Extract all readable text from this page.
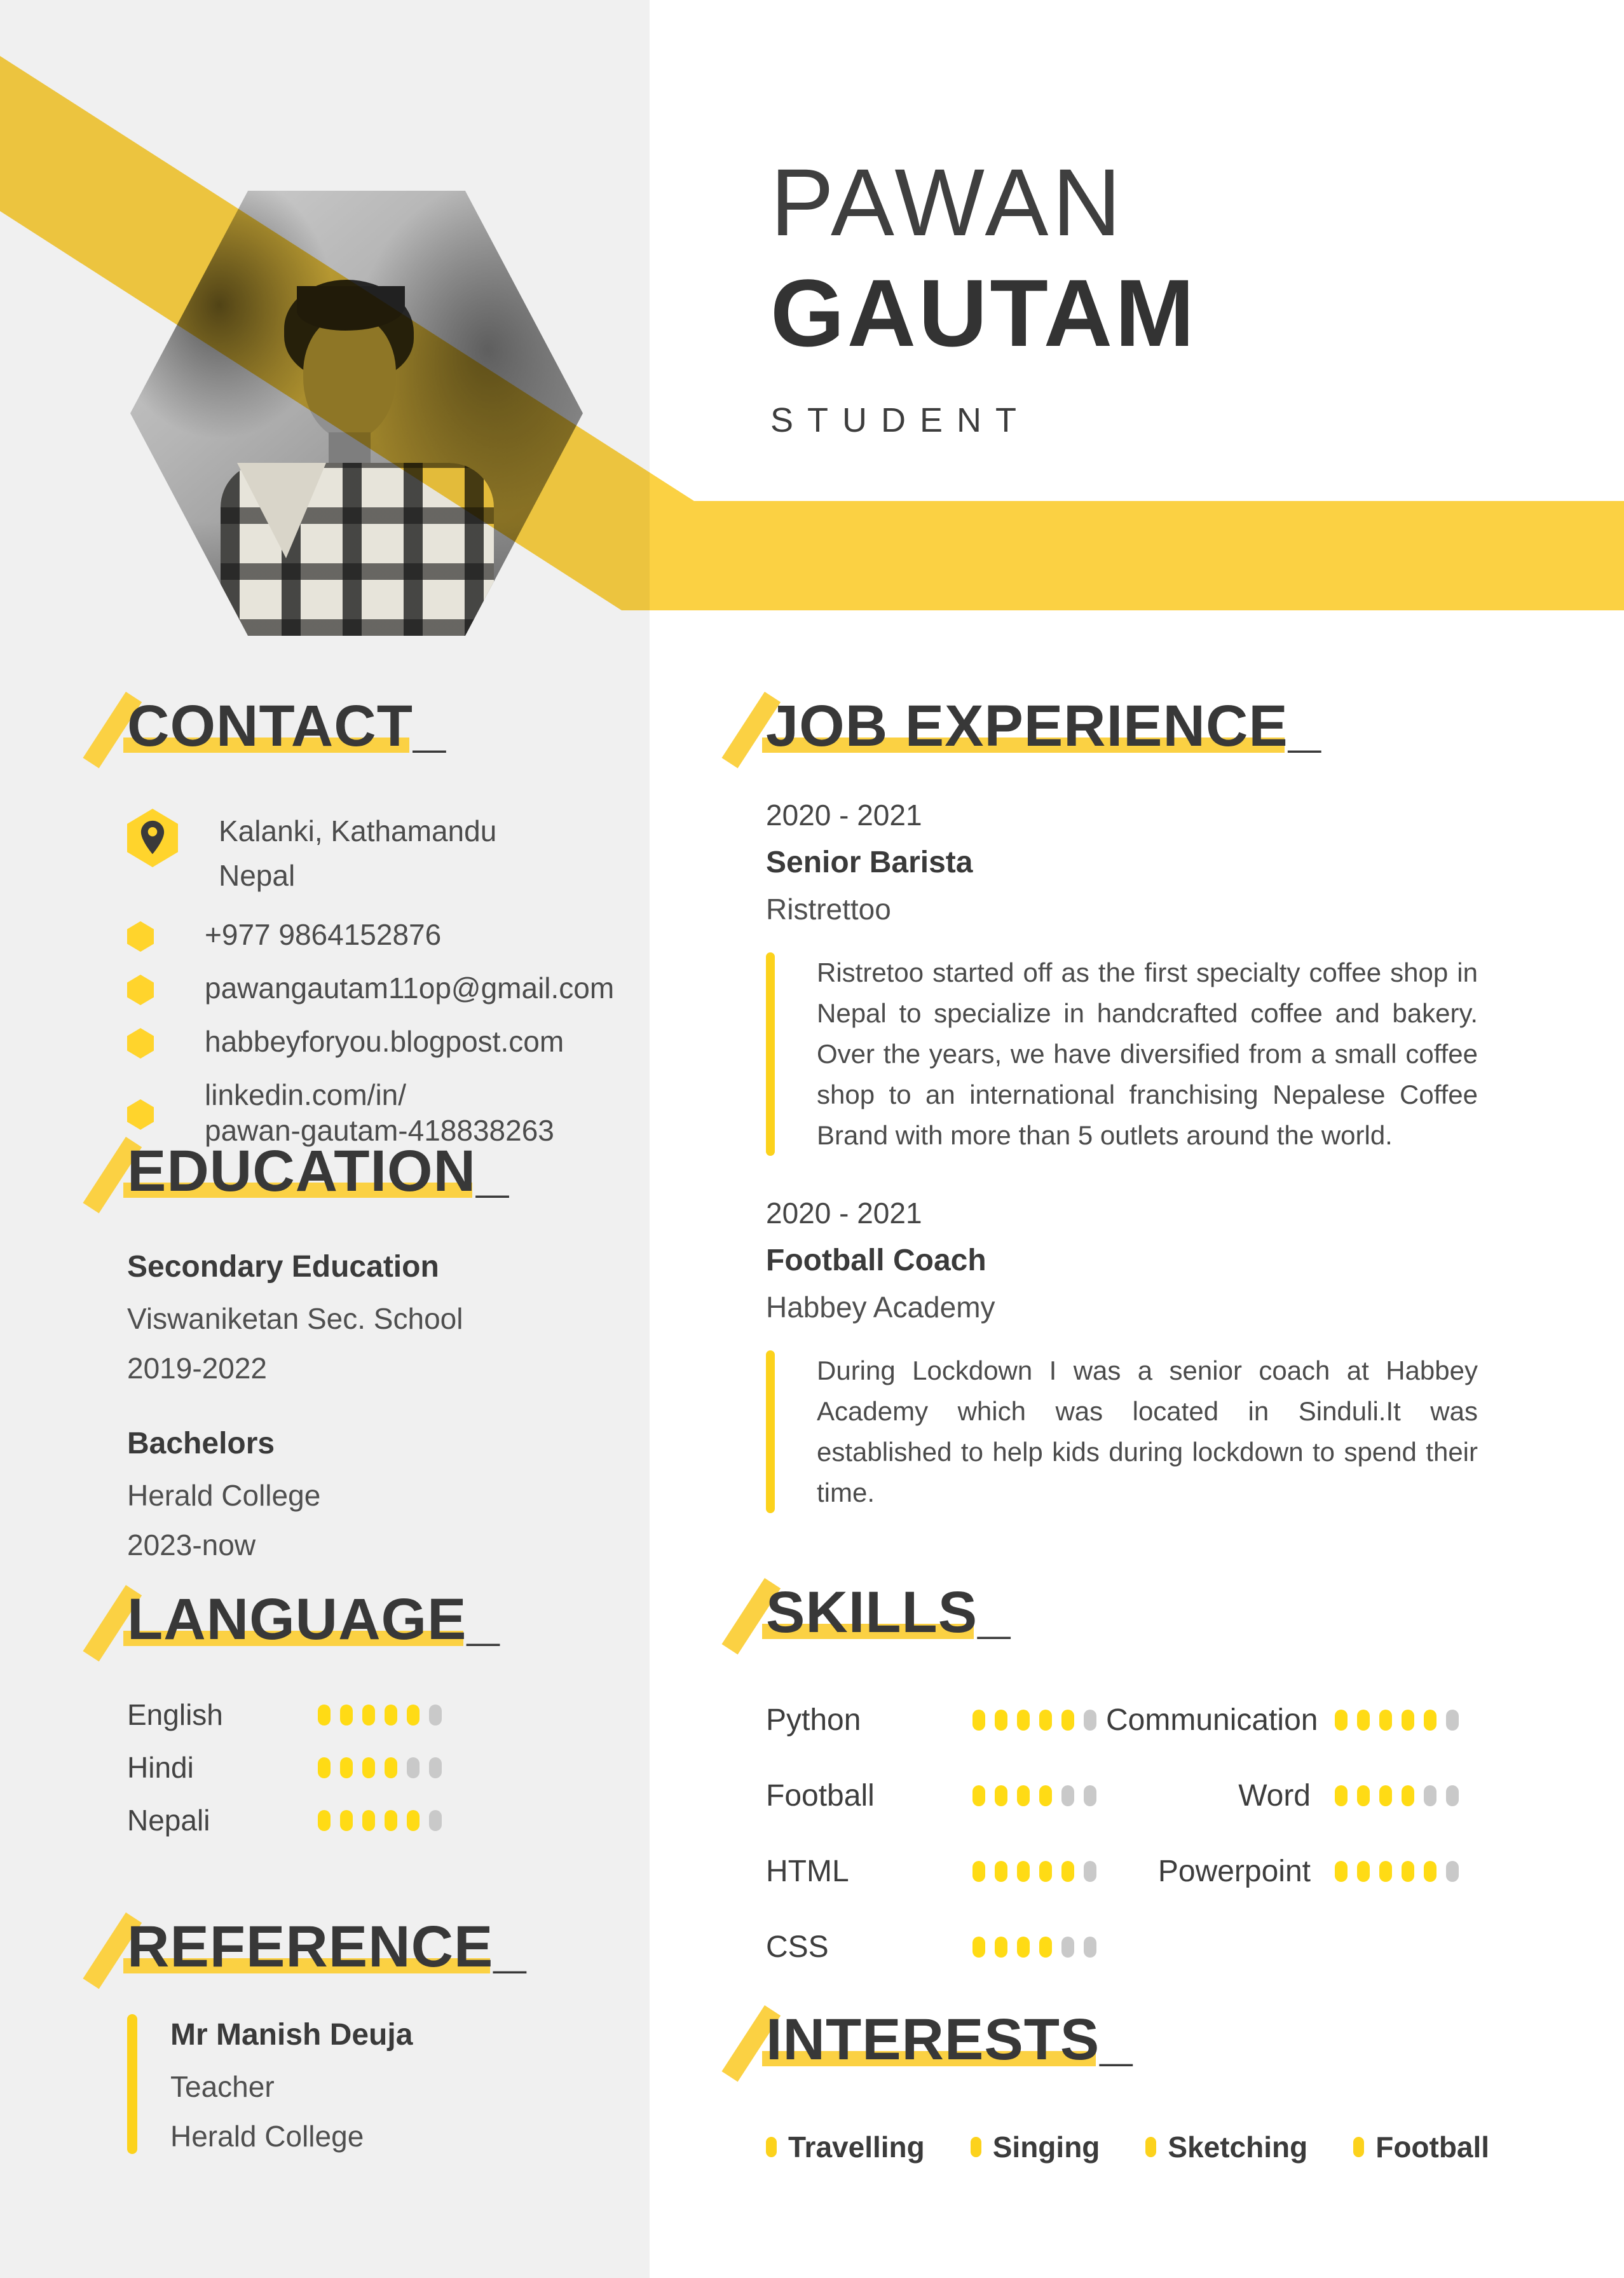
PAWAN
GAUTAM
STUDENT
CONTACT_
Kalanki, Kathamandu
Nepal
+977 9864152876
pawangautam11op@gmail.com
habbeyforyou.blogpost.com
linkedin.com/in/
pawan-gautam-418838263
EDUCATION_
Secondary Education
Viswaniketan Sec. School
2019-2022
Bachelors
Herald College
2023-now
LANGUAGE_
English
Hindi
Nepali
REFERENCE_
Mr Manish Deuja
Teacher
Herald College
JOB EXPERIENCE_
2020 - 2021
Senior Barista
Ristrettoo
Ristretoo started off as the first specialty coffee shop in Nepal to specialize in handcrafted coffee and bakery. Over the years, we have diversified from a small coffee shop to an international franchising Nepalese Coffee Brand with more than 5 outlets around the world.
2020 - 2021
Football Coach
Habbey Academy
During Lockdown I was a senior coach at Habbey Academy which was located in Sinduli.It was established to help kids during lockdown to spend their time.
SKILLS_
Python	Communication
Football	Word
HTML	Powerpoint
CSS
INTERESTS_
Travelling Singing Sketching Football
